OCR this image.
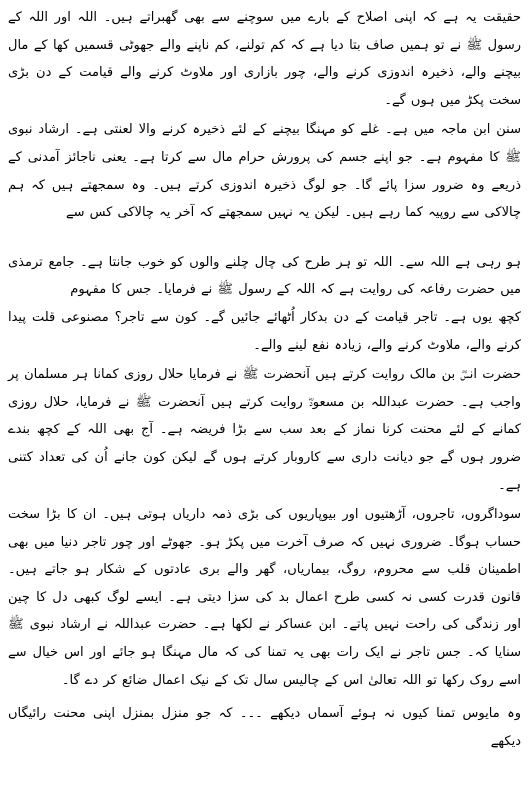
حقیقت یہ ہے کہ اپنی اصلاح کے بارے میں سوچنے سے بھی گھبراتے ہیں۔ اللہ اور اللہ کے رسول ﷺ نے تو ہمیں صاف بتا دیا ہے کہ کم تولنے، کم ناپنے والے جھوٹی قسمیں کھا کے مال بیچنے والے، ذخیرہ اندوزی کرنے والے، چور بازاری اور ملاوٹ کرنے والے قیامت کے دن بڑی سخت پکڑ میں ہوں گے۔

سنن ابن ماجہ میں ہے۔ غلے کو مہنگا بیچنے کے لئے ذخیرہ کرنے والا لعنتی ہے۔ ارشاد نبوی ﷺ کا مفہوم ہے۔ جو اپنے جسم کی پرورش حرام مال سے کرتا ہے۔ یعنی ناجائز آمدنی کے ذریعے وہ ضرور سزا پائے گا۔ جو لوگ ذخیرہ اندوزی کرتے ہیں۔ وہ سمجھتے ہیں کہ ہم چالاکی سے روپیہ کما رہے ہیں۔ لیکن یہ نہیں سمجھتے کہ آخر یہ چالاکی کس سے

ہو رہی ہے اللہ سے۔ اللہ تو ہر طرح کی چال چلنے والوں کو خوب جانتا ہے۔ جامع ترمذی میں حضرت رفاعہ کی روایت ہے کہ اللہ کے رسول ﷺ نے فرمایا۔ جس کا مفہوم

کچھ یوں ہے۔ تاجر قیامت کے دن بدکار اُٹھائے جائیں گے۔ کون سے تاجر؟ مصنوعی قلت پیدا کرنے والے، ملاوٹ کرنے والے، زیادہ نفع لینے والے۔

حضرت انسؓ بن مالک روایت کرتے ہیں آنحضرت ﷺ نے فرمایا حلال روزی کمانا ہر مسلمان پر واجب ہے۔ حضرت عبداللہ بن مسعودؓ روایت کرتے ہیں آنحضرت ﷺ نے فرمایا، حلال روزی کمانے کے لئے محنت کرنا نماز کے بعد سب سے بڑا فریضہ ہے۔ آج بھی اللہ کے کچھ بندے ضرور ہوں گے جو دیانت داری سے کاروبار کرتے ہوں گے لیکن کون جانے اُن کی تعداد کتنی ہے۔

سوداگروں، تاجروں، آڑھتیوں اور بیوپاریوں کی بڑی ذمہ داریاں ہوتی ہیں۔ ان کا بڑا سخت حساب ہوگا۔ ضروری نہیں کہ صرف آخرت میں پکڑ ہو۔ جھوٹے اور چور تاجر دنیا میں بھی اطمینان قلب سے محروم، روگ، بیماریاں، گھر والے بری عادتوں کے شکار ہو جاتے ہیں۔ قانون قدرت کسی نہ کسی طرح اعمال بد کی سزا دیتی ہے۔ ایسے لوگ کبھی دل کا چین اور زندگی کی راحت نہیں پاتے۔ ابن عساکر نے لکھا ہے۔ حضرت عبداللہ نے ارشاد نبوی ﷺ سنایا کہ۔ جس تاجر نے ایک رات بھی یہ تمنا کی کہ مال مہنگا ہو جائے اور اس خیال سے اسے روک رکھا تو اللہ تعالیٰ اس کے چالیس سال تک کے نیک اعمال ضائع کر دے گا۔

وہ مایوس تمنا کیوں نہ ہوئے آسماں دیکھے ۔۔۔ کہ جو منزل بمنزل اپنی محنت رائیگاں دیکھے
